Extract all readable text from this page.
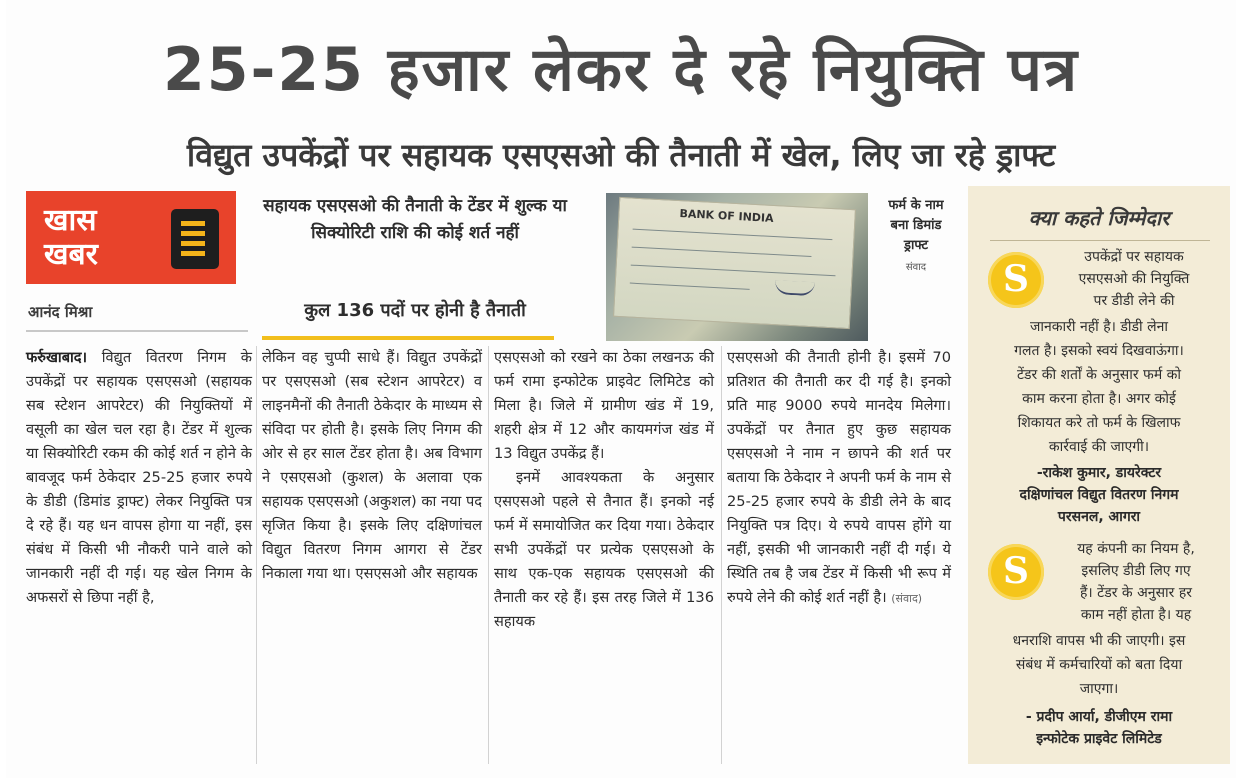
25-25 हजार लेकर दे रहे नियुक्ति पत्र
विद्युत उपकेंद्रों पर सहायक एसएसओ की तैनाती में खेल, लिए जा रहे ड्राफ्ट
खास खबर
आनंद मिश्रा
सहायक एसएसओ की तैनाती के टेंडर में शुल्क या सिक्योरिटी राशि की कोई शर्त नहीं
कुल 136 पदों पर होनी है तैनाती
BANK OF INDIA
फर्म के नाम बना डिमांड ड्राफ्ट
संवाद

फर्रुखाबाद। विद्युत वितरण निगम के उपकेंद्रों पर सहायक एसएसओ (सहायक सब स्टेशन आपरेटर) की नियुक्तियों में वसूली का खेल चल रहा है। टेंडर में शुल्क या सिक्योरिटी रकम की कोई शर्त न होने के बावजूद फर्म ठेकेदार 25-25 हजार रुपये के डीडी (डिमांड ड्राफ्ट) लेकर नियुक्ति पत्र दे रहे हैं। यह धन वापस होगा या नहीं, इस संबंध में किसी भी नौकरी पाने वाले को जानकारी नहीं दी गई। यह खेल निगम के अफसरों से छिपा नहीं है,

लेकिन वह चुप्पी साधे हैं। विद्युत उपकेंद्रों पर एसएसओ (सब स्टेशन आपरेटर) व लाइनमैनों की तैनाती ठेकेदार के माध्यम से संविदा पर होती है। इसके लिए निगम की ओर से हर साल टेंडर होता है। अब विभाग ने एसएसओ (कुशल) के अलावा एक सहायक एसएसओ (अकुशल) का नया पद सृजित किया है। इसके लिए दक्षिणांचल विद्युत वितरण निगम आगरा से टेंडर निकाला गया था। एसएसओ और सहायक

एसएसओ को रखने का ठेका लखनऊ की फर्म रामा इन्फोटेक प्राइवेट लिमिटेड को मिला है। जिले में ग्रामीण खंड में 19, शहरी क्षेत्र में 12 और कायमगंज खंड में 13 विद्युत उपकेंद्र हैं।

इनमें आवश्यकता के अनुसार एसएसओ पहले से तैनात हैं। इनको नई फर्म में समायोजित कर दिया गया। ठेकेदार सभी उपकेंद्रों पर प्रत्येक एसएसओ के साथ एक-एक सहायक एसएसओ की तैनाती कर रहे हैं। इस तरह जिले में 136 सहायक

एसएसओ की तैनाती होनी है। इसमें 70 प्रतिशत की तैनाती कर दी गई है। इनको प्रति माह 9000 रुपये मानदेय मिलेगा। उपकेंद्रों पर तैनात हुए कुछ सहायक एसएसओ ने नाम न छापने की शर्त पर बताया कि ठेकेदार ने अपनी फर्म के नाम से 25-25 हजार रुपये के डीडी लेने के बाद नियुक्ति पत्र दिए। ये रुपये वापस होंगे या नहीं, इसकी भी जानकारी नहीं दी गई। ये स्थिति तब है जब टेंडर में किसी भी रूप में रुपये लेने की कोई शर्त नहीं है। (संवाद)

क्या कहते जिम्मेदार
S
उपकेंद्रों पर सहायक
एसएसओ की नियुक्ति
पर डीडी लेने की
जानकारी नहीं है। डीडी लेना
गलत है। इसको स्वयं दिखवाऊंगा।
टेंडर की शर्तों के अनुसार फर्म को
काम करना होता है। अगर कोई
शिकायत करे तो फर्म के खिलाफ
कार्रवाई की जाएगी।
-राकेश कुमार, डायरेक्टर
दक्षिणांचल विद्युत वितरण निगम
परसनल, आगरा
S
यह कंपनी का नियम है,
इसलिए डीडी लिए गए
हैं। टेंडर के अनुसार हर
काम नहीं होता है। यह
धनराशि वापस भी की जाएगी। इस
संबंध में कर्मचारियों को बता दिया
जाएगा।
- प्रदीप आर्या, डीजीएम रामा
इन्फोटेक प्राइवेट लिमिटेड
